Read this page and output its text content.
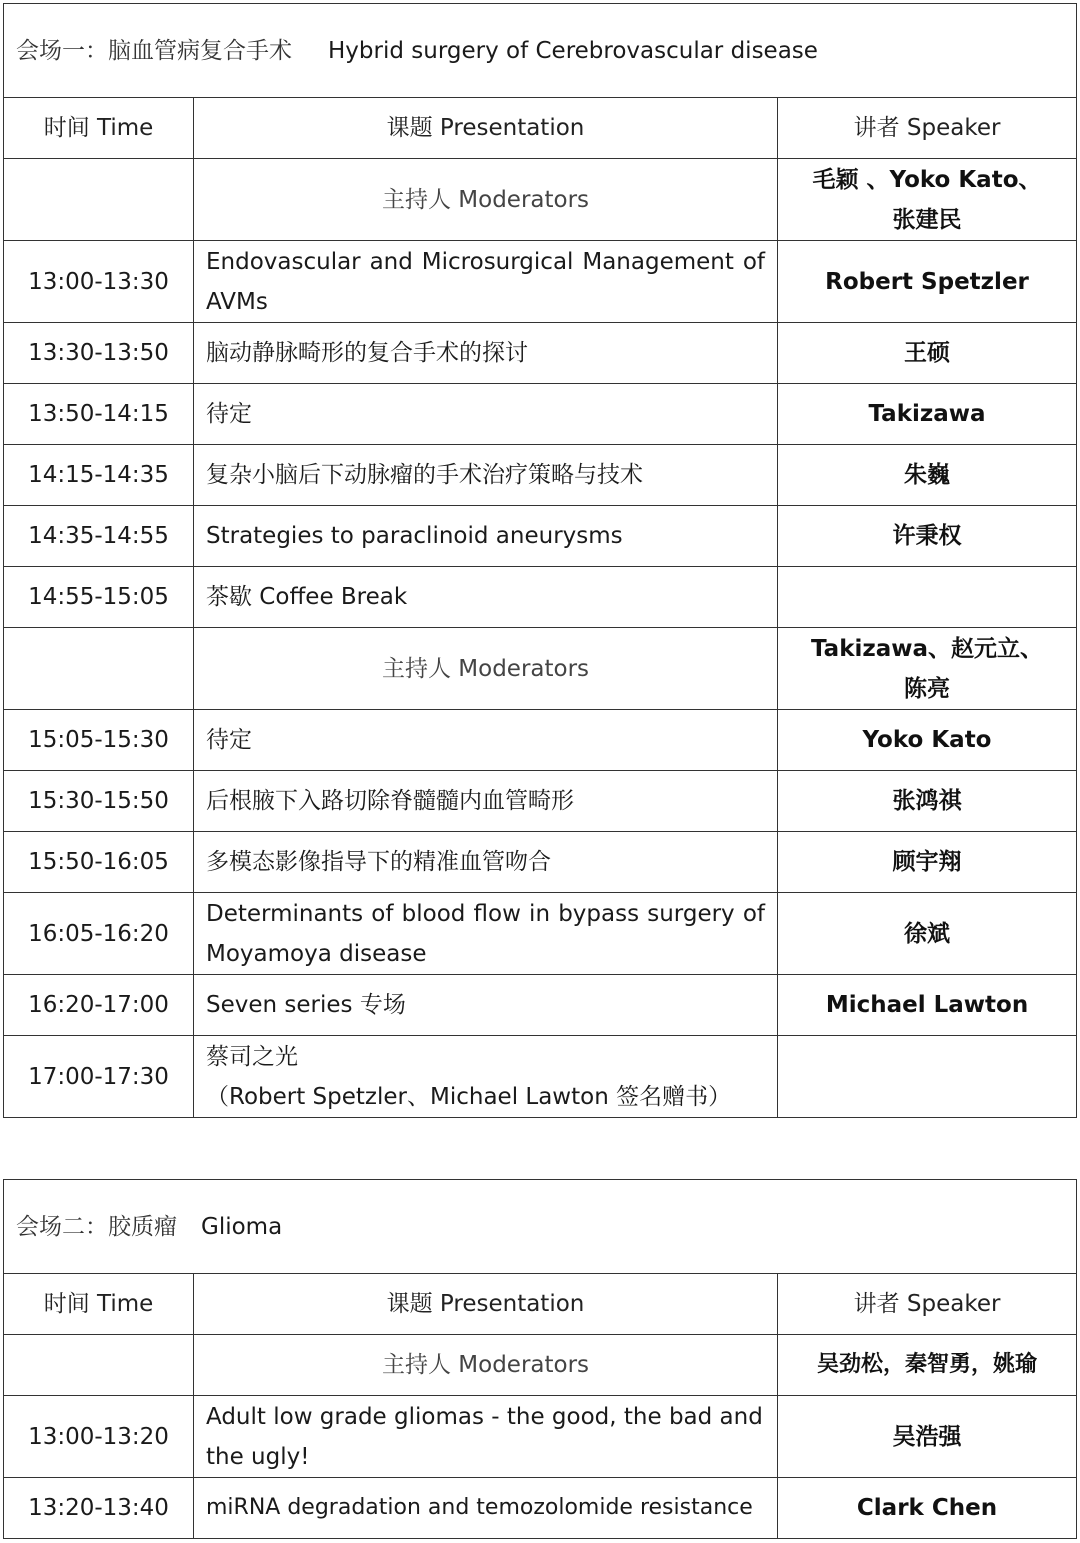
会场一：脑血管病复合手术 Hybrid surgery of Cerebrovascular disease		
时间 Time	课题 Presentation	讲者 Speaker
	主持人 Moderators	毛颖 、Yoko Kato、
张建民

13:00-13:30	Endovascular and Microsurgical Management of
AVMs	Robert Spetzler
13:30-13:50	脑动静脉畸形的复合手术的探讨	王硕
13:50-14:15	待定	Takizawa
14:15-14:35	复杂小脑后下动脉瘤的手术治疗策略与技术	朱巍
14:35-14:55	Strategies to paraclinoid aneurysms	许秉权
14:55-15:05	茶歇 Coffee Break	
	主持人 Moderators	Takizawa、赵元立、
陈亮

15:05-15:30	待定	Yoko Kato
15:30-15:50	后根腋下入路切除脊髓髓内血管畸形	张鸿祺
15:50-16:05	多模态影像指导下的精准血管吻合	顾宇翔
16:05-16:20	Determinants of blood flow in bypass surgery of
Moyamoya disease	徐斌
16:20-17:00	Seven series 专场	Michael Lawton
17:00-17:30	蔡司之光
（Robert Spetzler、Michael Lawton 签名赠书）	

会场二：胶质瘤 Glioma		
时间 Time	课题 Presentation	讲者 Speaker
	主持人 Moderators	吴劲松，秦智勇，姚瑜
13:00-13:20	Adult low grade gliomas - the good, the bad and
the ugly!	吴浩强
13:20-13:40	miRNA degradation and temozolomide resistance	Clark Chen
